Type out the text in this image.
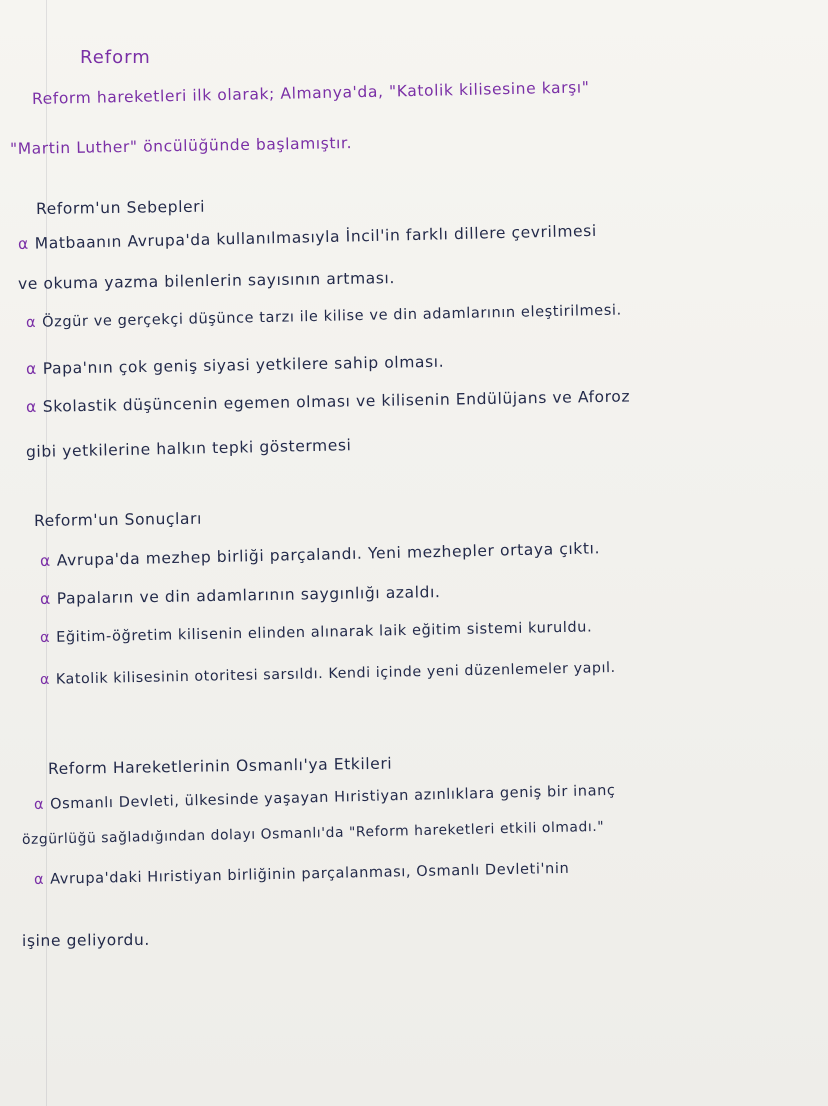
Reform
Reform hareketleri ilk olarak; Almanya'da, "Katolik kilisesine karşı"
"Martin Luther" öncülüğünde başlamıştır.
Reform'un Sebepleri
⍺ Matbaanın Avrupa'da kullanılmasıyla İncil'in farklı dillere çevrilmesi
ve okuma yazma bilenlerin sayısının artması.
⍺ Özgür ve gerçekçi düşünce tarzı ile kilise ve din adamlarının eleştirilmesi.
⍺ Papa'nın çok geniş siyasi yetkilere sahip olması.
⍺ Skolastik düşüncenin egemen olması ve kilisenin Endülüjans ve Aforoz
gibi yetkilerine halkın tepki göstermesi
Reform'un Sonuçları
⍺ Avrupa'da mezhep birliği parçalandı. Yeni mezhepler ortaya çıktı.
⍺ Papaların ve din adamlarının saygınlığı azaldı.
⍺ Eğitim-öğretim kilisenin elinden alınarak laik eğitim sistemi kuruldu.
⍺ Katolik kilisesinin otoritesi sarsıldı. Kendi içinde yeni düzenlemeler yapıl.
Reform Hareketlerinin Osmanlı'ya Etkileri
⍺ Osmanlı Devleti, ülkesinde yaşayan Hıristiyan azınlıklara geniş bir inanç
özgürlüğü sağladığından dolayı Osmanlı'da "Reform hareketleri etkili olmadı."
⍺ Avrupa'daki Hıristiyan birliğinin parçalanması, Osmanlı Devleti'nin
işine geliyordu.
